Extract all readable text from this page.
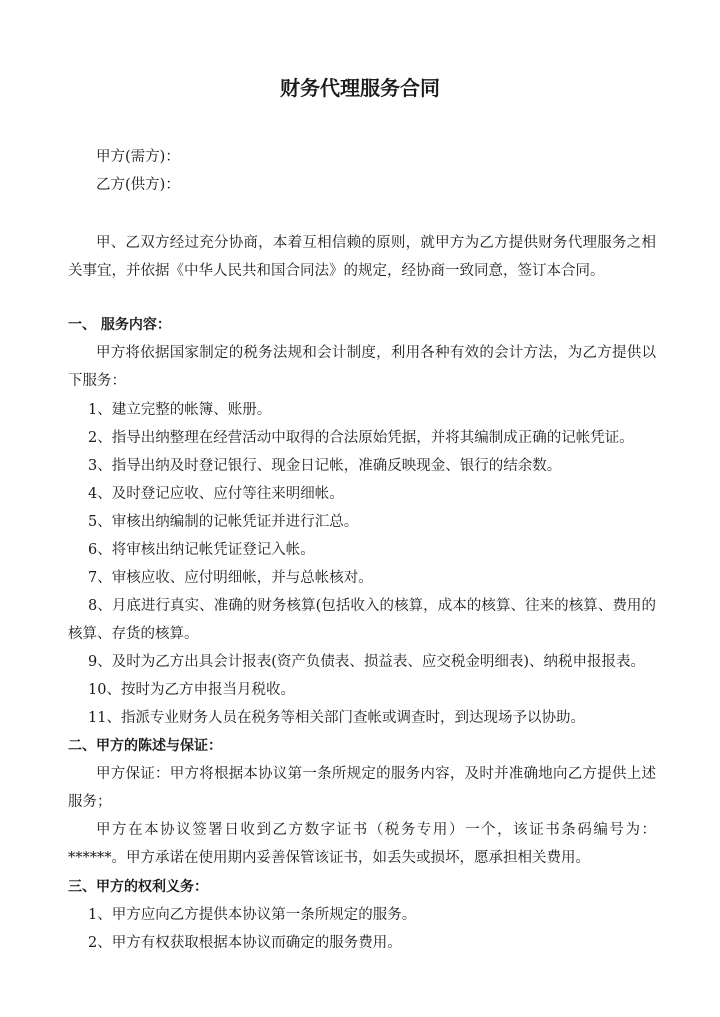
财务代理服务合同
甲方(需方)：
乙方(供方)：
甲、乙双方经过充分协商，本着互相信赖的原则，就甲方为乙方提供财务代理服务之相关事宜，并依据《中华人民共和国合同法》的规定，经协商一致同意，签订本合同。
一、 服务内容：
甲方将依据国家制定的税务法规和会计制度，利用各种有效的会计方法，为乙方提供以下服务：
1、建立完整的帐簿、账册。
2、指导出纳整理在经营活动中取得的合法原始凭据，并将其编制成正确的记帐凭证。
3、指导出纳及时登记银行、现金日记帐，准确反映现金、银行的结余数。
4、及时登记应收、应付等往来明细帐。
5、审核出纳编制的记帐凭证并进行汇总。
6、将审核出纳记帐凭证登记入帐。
7、审核应收、应付明细帐，并与总帐核对。
8、月底进行真实、准确的财务核算(包括收入的核算，成本的核算、往来的核算、费用的核算、存货的核算。
9、及时为乙方出具会计报表(资产负债表、损益表、应交税金明细表)、纳税申报报表。
10、按时为乙方申报当月税收。
11、指派专业财务人员在税务等相关部门查帐或调查时，到达现场予以协助。
二、甲方的陈述与保证：
甲方保证：甲方将根据本协议第一条所规定的服务内容，及时并准确地向乙方提供上述服务；
甲方在本协议签署日收到乙方数字证书（税务专用）一个，该证书条码编号为：******。甲方承诺在使用期内妥善保管该证书，如丢失或损坏，愿承担相关费用。
三、甲方的权利义务：
1、甲方应向乙方提供本协议第一条所规定的服务。
2、甲方有权获取根据本协议而确定的服务费用。
